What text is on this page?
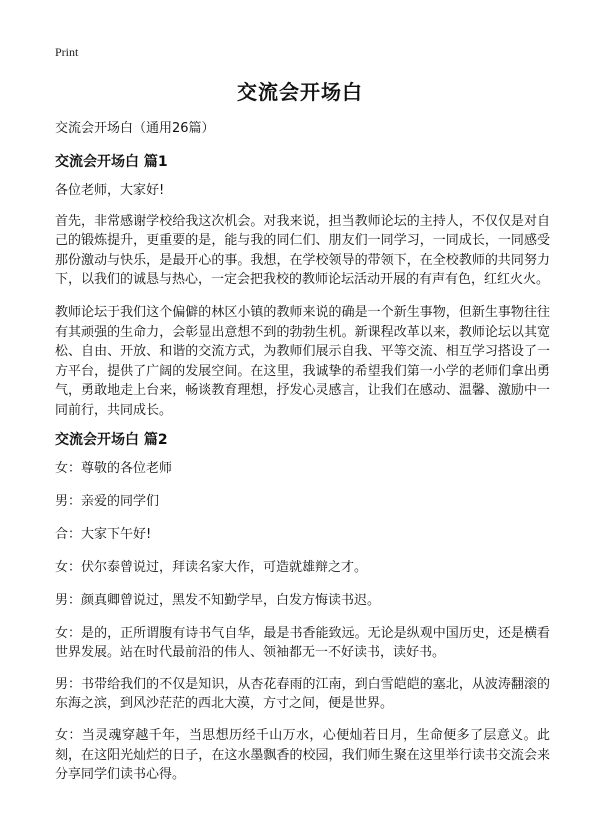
Print
交流会开场白

交流会开场白（通用26篇）

交流会开场白 篇1

各位老师，大家好!

首先，非常感谢学校给我这次机会。对我来说，担当教师论坛的主持人，不仅仅是对自己的锻炼提升，更重要的是，能与我的同仁们、朋友们一同学习，一同成长，一同感受那份激动与快乐，是最开心的事。我想，在学校领导的带领下，在全校教师的共同努力下，以我们的诚恳与热心，一定会把我校的教师论坛活动开展的有声有色，红红火火。

教师论坛于我们这个偏僻的林区小镇的教师来说的确是一个新生事物，但新生事物往往有其顽强的生命力，会彰显出意想不到的勃勃生机。新课程改革以来，教师论坛以其宽松、自由、开放、和谐的交流方式，为教师们展示自我、平等交流、相互学习搭设了一方平台，提供了广阔的发展空间。在这里，我诚挚的希望我们第一小学的老师们拿出勇气，勇敢地走上台来，畅谈教育理想，抒发心灵感言，让我们在感动、温馨、激励中一同前行，共同成长。

交流会开场白 篇2

女：尊敬的各位老师

男：亲爱的同学们

合：大家下午好!

女：伏尔泰曾说过，拜读名家大作，可造就雄辩之才。

男：颜真卿曾说过，黑发不知勤学早，白发方悔读书迟。

女：是的，正所谓腹有诗书气自华，最是书香能致远。无论是纵观中国历史，还是横看世界发展。站在时代最前沿的伟人、领袖都无一不好读书，读好书。

男：书带给我们的不仅是知识，从杏花春雨的江南，到白雪皑皑的塞北，从波涛翻滚的东海之滨，到风沙茫茫的西北大漠，方寸之间，便是世界。

女：当灵魂穿越千年，当思想历经千山万水，心便灿若日月，生命便多了层意义。此刻，在这阳光灿烂的日子，在这水墨飘香的校园，我们师生聚在这里举行读书交流会来分享同学们读书心得。
